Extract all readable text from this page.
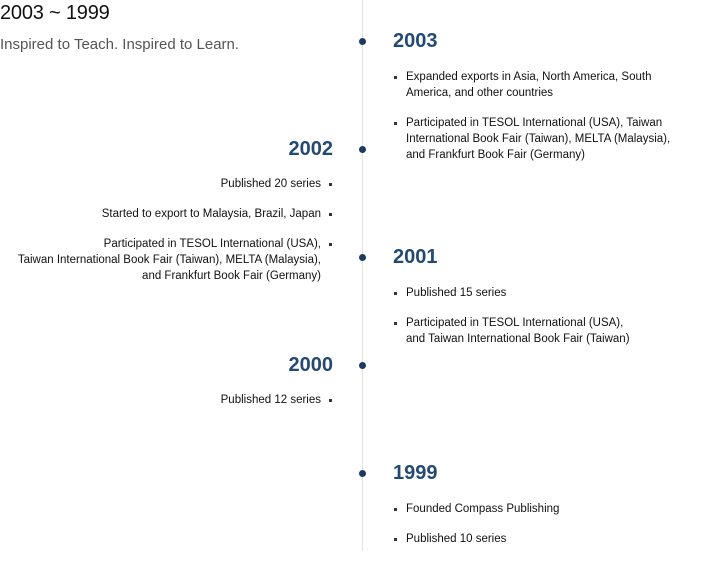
2003 ~ 1999
Inspired to Teach. Inspired to Learn.	2003
Expanded exports in Asia, North America, South
America, and other countries
Participated in TESOL International (USA), Taiwan
International Book Fair (Taiwan), MELTA (Malaysia),
and Frankfurt Book Fair (Germany)
2002
Published 20 series
Started to export to Malaysia, Brazil, Japan
Participated in TESOL International (USA),
Taiwan International Book Fair (Taiwan), MELTA (Malaysia),
and Frankfurt Book Fair (Germany)
2001
Published 15 series
Participated in TESOL International (USA),
and Taiwan International Book Fair (Taiwan)
2000
Published 12 series
1999
Founded Compass Publishing
Published 10 series
